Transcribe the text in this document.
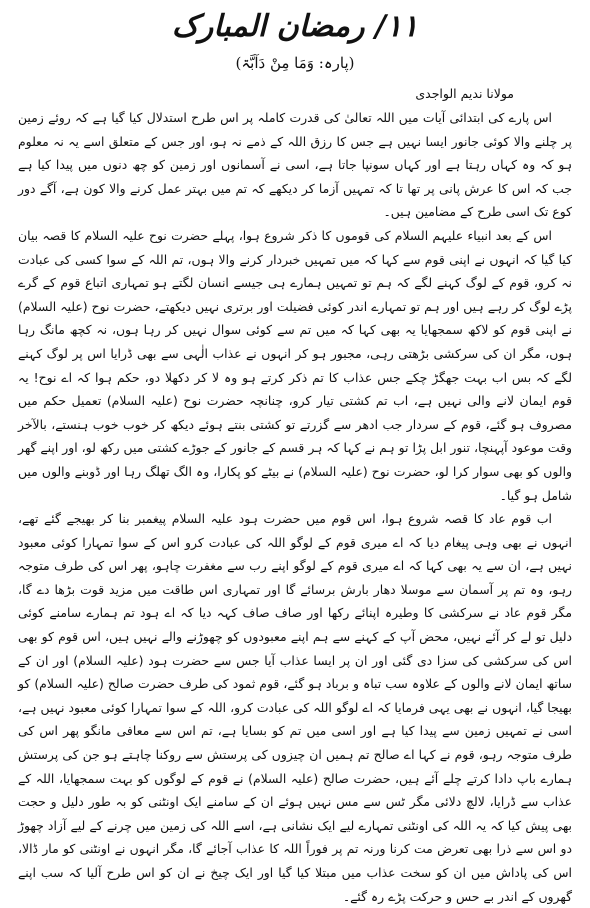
۱۱/ رمضان المبارک
(پارہ: وَمَا مِنْ دَآبَّۃ)
مولانا ندیم الواجدی

اس پارے کی ابتدائی آیات میں اللہ تعالیٰ کی قدرت کاملہ پر اس طرح استدلال کیا گیا ہے کہ روئے زمین پر چلنے والا کوئی جانور ایسا نہیں ہے جس کا رزق اللہ کے ذمے نہ ہو، اور جس کے متعلق اسے یہ نہ معلوم ہو کہ وہ کہاں رہتا ہے اور کہاں سونپا جاتا ہے، اسی نے آسمانوں اور زمین کو چھ دنوں میں پیدا کیا ہے جب کہ اس کا عرش پانی پر تھا تا کہ تمہیں آزما کر دیکھے کہ تم میں بہتر عمل کرنے والا کون ہے، آگے دور کوع تک اسی طرح کے مضامین ہیں۔

اس کے بعد انبیاء علیہم السلام کی قوموں کا ذکر شروع ہوا، پہلے حضرت نوح علیہ السلام کا قصہ بیان کیا گیا کہ انہوں نے اپنی قوم سے کہا کہ میں تمہیں خبردار کرنے والا ہوں، تم اللہ کے سوا کسی کی عبادت نہ کرو، قوم کے لوگ کہنے لگے کہ ہم تو تمہیں ہمارے ہی جیسے انسان لگتے ہو تمہاری اتباع قوم کے گرے پڑے لوگ کر رہے ہیں اور ہم تو تمہارے اندر کوئی فضیلت اور برتری نہیں دیکھتے، حضرت نوح (علیہ السلام) نے اپنی قوم کو لاکھ سمجھایا یہ بھی کہا کہ میں تم سے کوئی سوال نہیں کر رہا ہوں، نہ کچھ مانگ رہا ہوں، مگر ان کی سرکشی بڑھتی رہی، مجبور ہو کر انہوں نے عذاب الٰہی سے بھی ڈرایا اس پر لوگ کہنے لگے کہ بس اب بہت جھگڑ چکے جس عذاب کا تم ذکر کرتے ہو وہ لا کر دکھلا دو، حکم ہوا کہ اے نوح! یہ قوم ایمان لانے والی نہیں ہے، اب تم کشتی تیار کرو، چنانچہ حضرت نوح (علیہ السلام) تعمیل حکم میں مصروف ہو گئے، قوم کے سردار جب ادھر سے گزرتے تو کشتی بنتے ہوئے دیکھ کر خوب خوب ہنستے، بالآخر وقت موعود آپہنچا، تنور ابل پڑا تو ہم نے کہا کہ ہر قسم کے جانور کے جوڑے کشتی میں رکھ لو، اور اپنے گھر والوں کو بھی سوار کرا لو، حضرت نوح (علیہ السلام) نے بیٹے کو پکارا، وہ الگ تھلگ رہا اور ڈوبنے والوں میں شامل ہو گیا۔

اب قوم عاد کا قصہ شروع ہوا، اس قوم میں حضرت ہود علیہ السلام پیغمبر بنا کر بھیجے گئے تھے، انہوں نے بھی وہی پیغام دیا کہ اے میری قوم کے لوگو اللہ کی عبادت کرو اس کے سوا تمہارا کوئی معبود نہیں ہے، ان سے یہ بھی کہا کہ اے میری قوم کے لوگو اپنے رب سے مغفرت چاہو، پھر اس کی طرف متوجہ رہو، وہ تم پر آسمان سے موسلا دھار بارش برسائے گا اور تمہاری اس طاقت میں مزید قوت بڑھا دے گا، مگر قوم عاد نے سرکشی کا وطیرہ اپنائے رکھا اور صاف صاف کہہ دیا کہ اے ہود تم ہمارے سامنے کوئی دلیل تو لے کر آئے نہیں، محض آپ کے کہنے سے ہم اپنے معبودوں کو چھوڑنے والے نہیں ہیں، اس قوم کو بھی اس کی سرکشی کی سزا دی گئی اور ان پر ایسا عذاب آیا جس سے حضرت ہود (علیہ السلام) اور ان کے ساتھ ایمان لانے والوں کے علاوہ سب تباہ و برباد ہو گئے، قوم ثمود کی طرف حضرت صالح (علیہ السلام) کو بھیجا گیا، انہوں نے بھی یہی فرمایا کہ اے لوگو اللہ کی عبادت کرو، اللہ کے سوا تمہارا کوئی معبود نہیں ہے، اسی نے تمہیں زمین سے پیدا کیا ہے اور اسی میں تم کو بسایا ہے، تم اس سے معافی مانگو پھر اس کی طرف متوجہ رہو، قوم نے کہا اے صالح تم ہمیں ان چیزوں کی پرستش سے روکنا چاہتے ہو جن کی پرستش ہمارے باپ دادا کرتے چلے آئے ہیں، حضرت صالح (علیہ السلام) نے قوم کے لوگوں کو بہت سمجھایا، اللہ کے عذاب سے ڈرایا، لالچ دلائی مگر ٹس سے مس نہیں ہوئے ان کے سامنے ایک اونٹنی کو بہ طور دلیل و حجت بھی پیش کیا کہ یہ اللہ کی اونٹنی تمہارے لیے ایک نشانی ہے، اسے اللہ کی زمین میں چرنے کے لیے آزاد چھوڑ دو اس سے ذرا بھی تعرض مت کرنا ورنہ تم پر فوراً اللہ کا عذاب آجائے گا، مگر انہوں نے اونٹنی کو مار ڈالا، اس کی پاداش میں ان کو سخت عذاب میں مبتلا کیا گیا اور ایک چیخ نے ان کو اس طرح آلیا کہ سب اپنے گھروں کے اندر بے حس و حرکت پڑے رہ گئے۔
